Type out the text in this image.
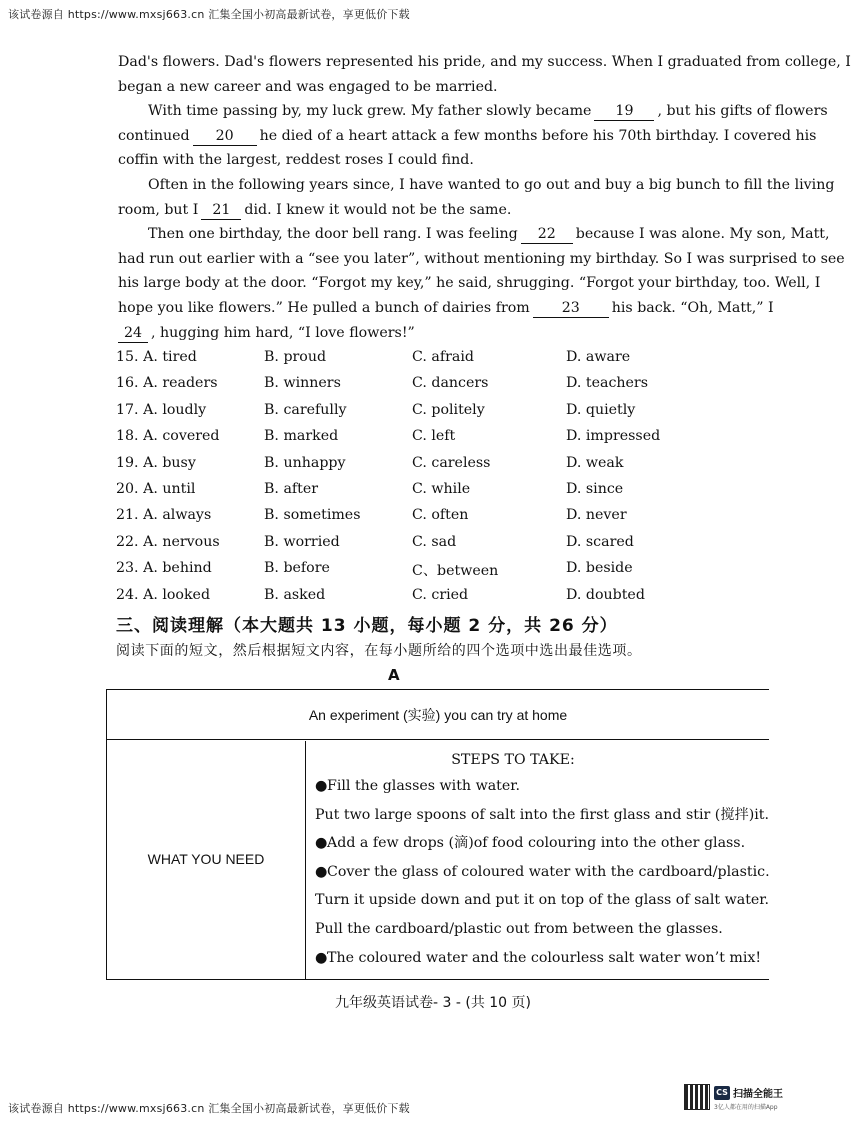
该试卷源自 https://www.mxsj663.cn 汇集全国小初高最新试卷，享更低价下载
Dad's flowers. Dad's flowers represented his pride, and my success. When I graduated from college, I
began a new career and was engaged to be married.
With time passing by, my luck grew. My father slowly became 19 , but his gifts of flowers
continued 20 he died of a heart attack a few months before his 70th birthday. I covered his
coffin with the largest, reddest roses I could find.
Often in the following years since, I have wanted to go out and buy a big bunch to fill the living
room, but I 21 did. I knew it would not be the same.
Then one birthday, the door bell rang. I was feeling 22 because I was alone. My son, Matt,
had run out earlier with a “see you later”, without mentioning my birthday. So I was surprised to see
his large body at the door. “Forgot my key,” he said, shrugging. “Forgot your birthday, too. Well, I
hope you like flowers.” He pulled a bunch of dairies from 23 his back. “Oh, Matt,” I
24 , hugging him hard, “I love flowers!”
15. A. tired	B. proud	C. afraid	D. aware
16. A. readers	B. winners	C. dancers	D. teachers
17. A. loudly	B. carefully	C. politely	D. quietly
18. A. covered	B. marked	C. left	D. impressed
19. A. busy	B. unhappy	C. careless	D. weak
20. A. until	B. after	C. while	D. since
21. A. always	B. sometimes	C. often	D. never
22. A. nervous	B. worried	C. sad	D. scared
23. A. behind	B. before	C、between	D. beside
24. A. looked	B. asked	C. cried	D. doubted
三、阅读理解（本大题共 13 小题，每小题 2 分，共 26 分）
阅读下面的短文，然后根据短文内容，在每小题所给的四个选项中选出最佳选项。
A
An experiment (实验) you can try at home
WHAT YOU NEED
STEPS TO TAKE:
●Fill the glasses with water.
Put two large spoons of salt into the first glass and stir (搅拌)it.
●Add a few drops (滴)of food colouring into the other glass.
●Cover the glass of coloured water with the cardboard/plastic.
Turn it upside down and put it on top of the glass of salt water.
Pull the cardboard/plastic out from between the glasses.
●The coloured water and the colourless salt water won’t mix!
九年级英语试卷- 3 - (共 10 页)
CS 扫描全能王
3亿人都在用的扫描App
该试卷源自 https://www.mxsj663.cn 汇集全国小初高最新试卷，享更低价下载
